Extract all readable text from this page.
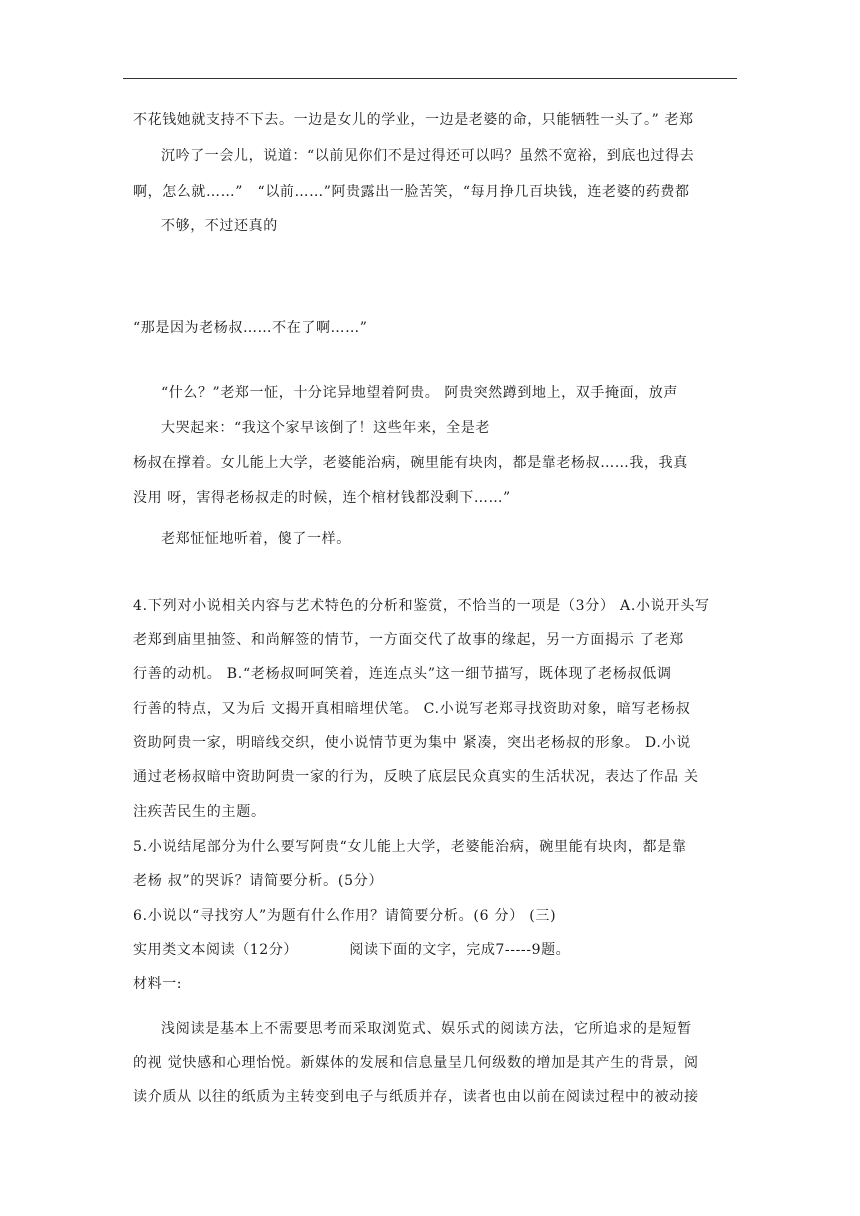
不花钱她就支持不下去。一边是女儿的学业，一边是老婆的命，只能牺牲一头了。” 老郑
沉吟了一会儿，说道：“以前见你们不是过得还可以吗？虽然不宽裕，到底也过得去
啊，怎么就……”　“以前……”阿贵露出一脸苦笑，“每月挣几百块钱，连老婆的药费都
不够，不过还真的
“那是因为老杨叔……不在了啊……”
“什么？”老郑一怔，十分诧异地望着阿贵。 阿贵突然蹲到地上，双手掩面，放声
大哭起来：“我这个家早该倒了！这些年来，全是老
杨叔在撑着。女儿能上大学，老婆能治病，碗里能有块肉，都是靠老杨叔……我，我真
没用 呀，害得老杨叔走的时候，连个棺材钱都没剩下……”
老郑怔怔地听着，傻了一样。
4.下列对小说相关内容与艺术特色的分析和鉴赏，不恰当的一项是（3分） A.小说开头写
老郑到庙里抽签、和尚解签的情节，一方面交代了故事的缘起，另一方面揭示 了老郑
行善的动机。 B.“老杨叔呵呵笑着，连连点头”这一细节描写，既体现了老杨叔低调
行善的特点，又为后 文揭开真相暗埋伏笔。 C.小说写老郑寻找资助对象，暗写老杨叔
资助阿贵一家，明暗线交织，使小说情节更为集中 紧凑，突出老杨叔的形象。 D.小说
通过老杨叔暗中资助阿贵一家的行为，反映了底层民众真实的生活状况，表达了作品 关
注疾苦民生的主题。
5.小说结尾部分为什么要写阿贵“女儿能上大学，老婆能治病，碗里能有块肉，都是靠
老杨 叔”的哭诉？请简要分析。(5分）
6.小说以“寻找穷人”为题有什么作用？请简要分析。(6 分） (三)
实用类文本阅读（12分）　　　　阅读下面的文字，完成7-----9题。
材料一:
浅阅读是基本上不需要思考而采取浏览式、娱乐式的阅读方法，它所追求的是短暂
的视 觉快感和心理怡悦。新媒体的发展和信息量呈几何级数的增加是其产生的背景，阅
读介质从 以往的纸质为主转变到电子与纸质并存，读者也由以前在阅读过程中的被动接
